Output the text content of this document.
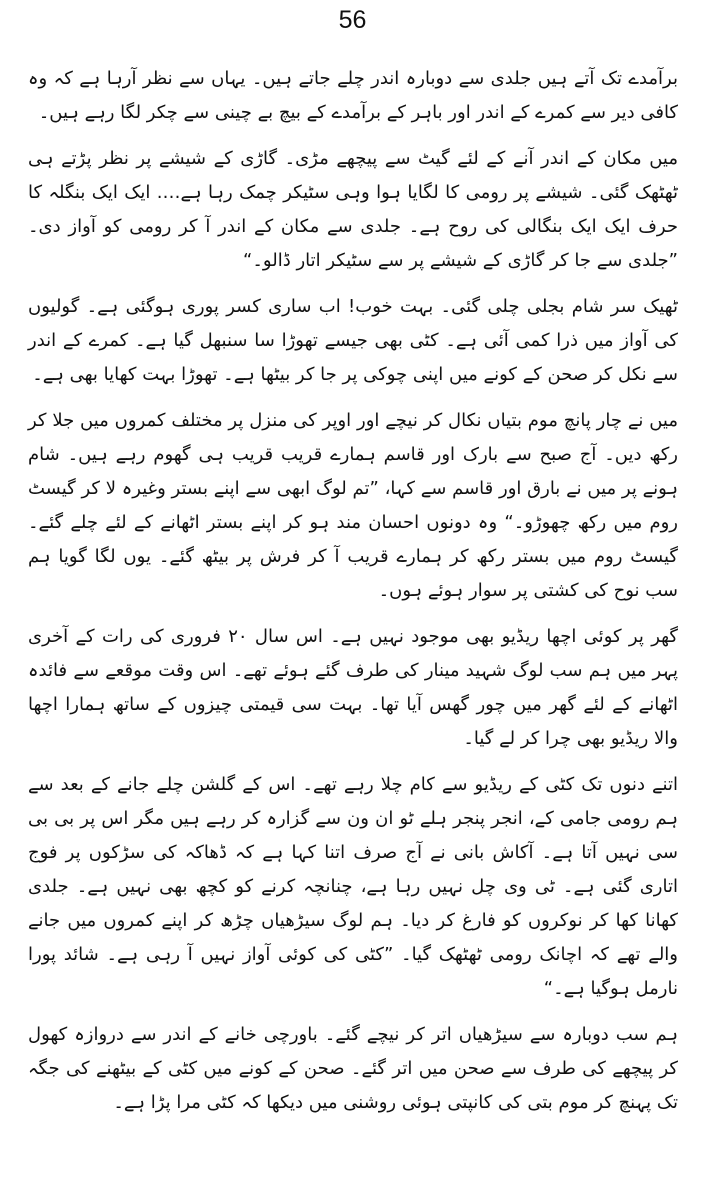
56

برآمدے تک آتے ہیں جلدی سے دوبارہ اندر چلے جاتے ہیں۔ یہاں سے نظر آرہا ہے کہ وہ کافی دیر سے کمرے کے اندر اور باہر کے برآمدے کے بیچ بے چینی سے چکر لگا رہے ہیں۔

میں مکان کے اندر آنے کے لئے گیٹ سے پیچھے مڑی۔ گاڑی کے شیشے پر نظر پڑتے ہی ٹھٹھک گئی۔ شیشے پر رومی کا لگایا ہوا وہی سٹیکر چمک رہا ہے…. ایک ایک بنگلہ کا حرف ایک ایک بنگالی کی روح ہے۔ جلدی سے مکان کے اندر آ کر رومی کو آواز دی۔ ”جلدی سے جا کر گاڑی کے شیشے پر سے سٹیکر اتار ڈالو۔“

ٹھیک سر شام بجلی چلی گئی۔ بہت خوب! اب ساری کسر پوری ہوگئی ہے۔ گولیوں کی آواز میں ذرا کمی آئی ہے۔ کٹی بھی جیسے تھوڑا سا سنبھل گیا ہے۔ کمرے کے اندر سے نکل کر صحن کے کونے میں اپنی چوکی پر جا کر بیٹھا ہے۔ تھوڑا بہت کھایا بھی ہے۔

میں نے چار پانچ موم بتیاں نکال کر نیچے اور اوپر کی منزل پر مختلف کمروں میں جلا کر رکھ دیں۔ آج صبح سے بارک اور قاسم ہمارے قریب قریب ہی گھوم رہے ہیں۔ شام ہونے پر میں نے بارق اور قاسم سے کہا، ”تم لوگ ابھی سے اپنے بستر وغیرہ لا کر گیسٹ روم میں رکھ چھوڑو۔“ وہ دونوں احسان مند ہو کر اپنے بستر اٹھانے کے لئے چلے گئے۔ گیسٹ روم میں بستر رکھ کر ہمارے قریب آ کر فرش پر بیٹھ گئے۔ یوں لگا گویا ہم سب نوح کی کشتی پر سوار ہوئے ہوں۔

گھر پر کوئی اچھا ریڈیو بھی موجود نہیں ہے۔ اس سال ۲۰ فروری کی رات کے آخری پہر میں ہم سب لوگ شہید مینار کی طرف گئے ہوئے تھے۔ اس وقت موقعے سے فائدہ اٹھانے کے لئے گھر میں چور گھس آیا تھا۔ بہت سی قیمتی چیزوں کے ساتھ ہمارا اچھا والا ریڈیو بھی چرا کر لے گیا۔

اتنے دنوں تک کٹی کے ریڈیو سے کام چلا رہے تھے۔ اس کے گلشن چلے جانے کے بعد سے ہم رومی جامی کے، انجر پنجر ہلے ٹو ان ون سے گزارہ کر رہے ہیں مگر اس پر بی بی سی نہیں آتا ہے۔ آکاش بانی نے آج صرف اتنا کہا ہے کہ ڈھاکہ کی سڑکوں پر فوج اتاری گئی ہے۔ ٹی وی چل نہیں رہا ہے، چنانچہ کرنے کو کچھ بھی نہیں ہے۔ جلدی کھانا کھا کر نوکروں کو فارغ کر دیا۔ ہم لوگ سیڑھیاں چڑھ کر اپنے کمروں میں جانے والے تھے کہ اچانک رومی ٹھٹھک گیا۔ ”کٹی کی کوئی آواز نہیں آ رہی ہے۔ شائد پورا نارمل ہوگیا ہے۔“

ہم سب دوبارہ سے سیڑھیاں اتر کر نیچے گئے۔ باورچی خانے کے اندر سے دروازہ کھول کر پیچھے کی طرف سے صحن میں اتر گئے۔ صحن کے کونے میں کٹی کے بیٹھنے کی جگہ تک پہنچ کر موم بتی کی کانپتی ہوئی روشنی میں دیکھا کہ کٹی مرا پڑا ہے۔
